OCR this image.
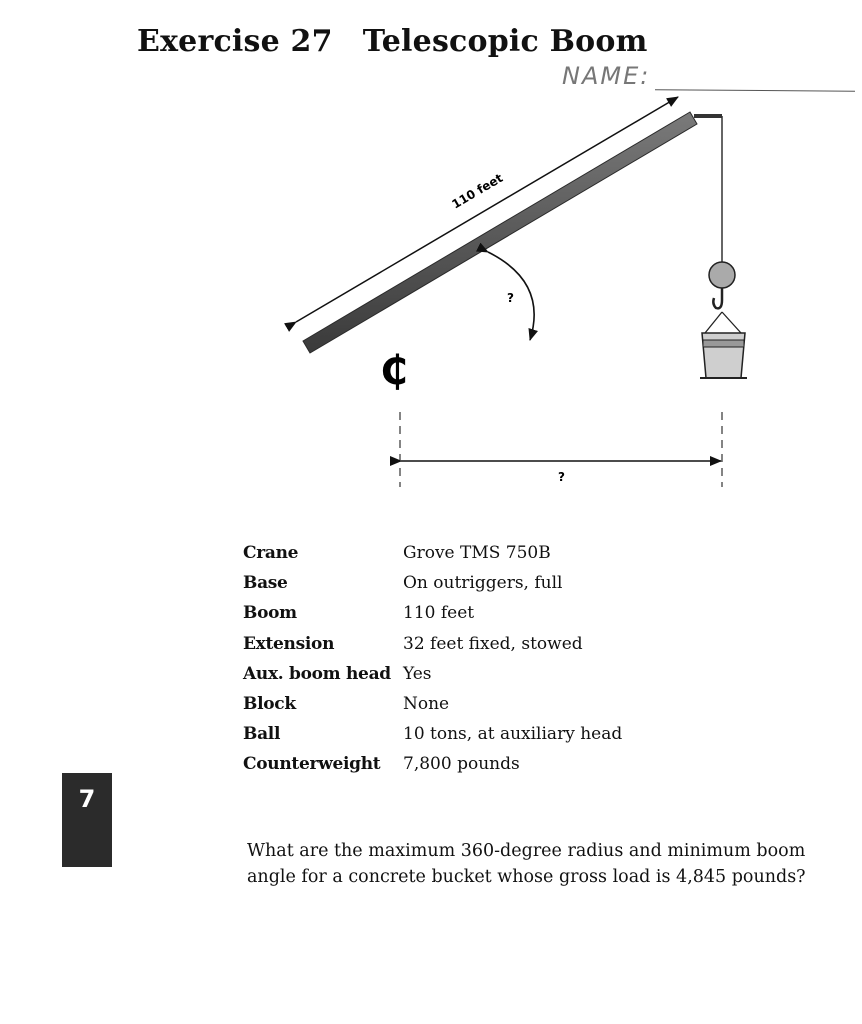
Exercise 27 Telescopic Boom
NAME:
110 feet
?
₵
?
Crane	Grove TMS 750B
Base	On outriggers, full
Boom	110 feet
Extension	32 feet fixed, stowed
Aux. boom head Yes
Block	None
Ball	10 tons, at auxiliary head
Counterweight 7,800 pounds
7
What are the maximum 360-degree radius and minimum boom angle for a concrete bucket whose gross load is 4,845 pounds?
